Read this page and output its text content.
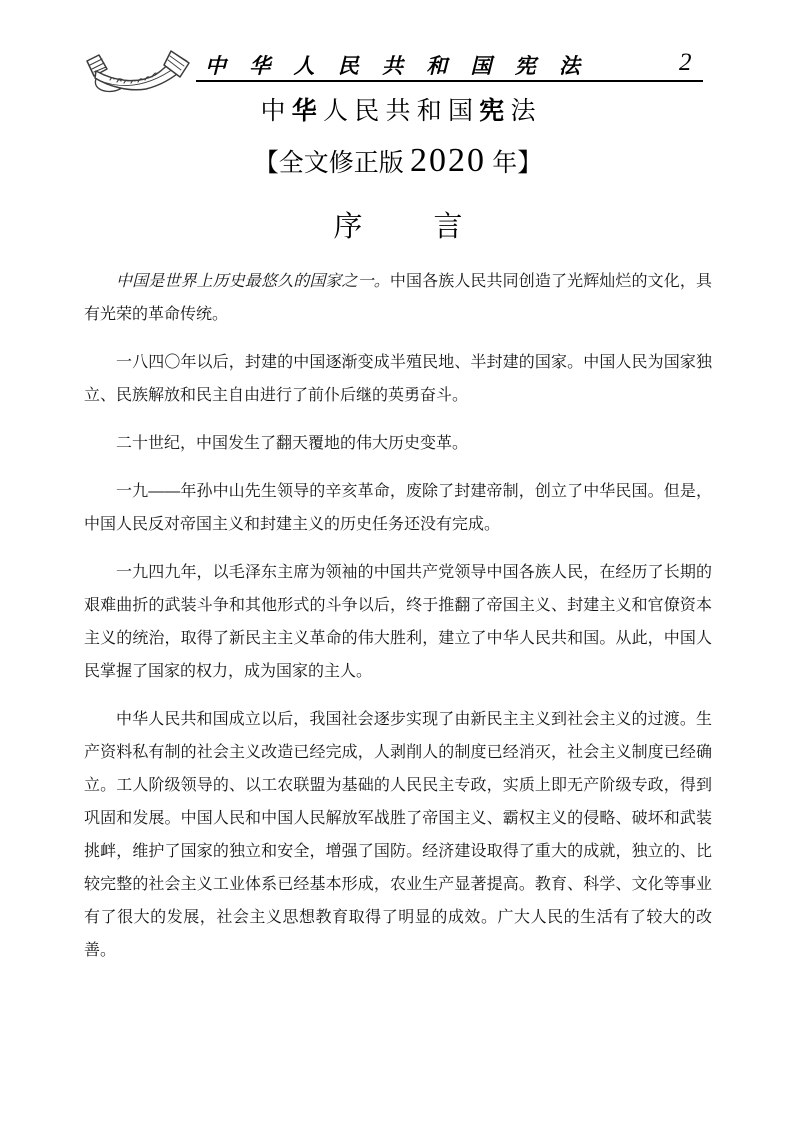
中 华 人 民 共 和 国 宪 法	2
中 华 人 民 共 和 国 宪 法
【全文修正版 2020 年】
序　言

中国是世界上历史最悠久的国家之一。中国各族人民共同创造了光辉灿烂的文化，具有光荣的革命传统。

一八四〇年以后，封建的中国逐渐变成半殖民地、半封建的国家。中国人民为国家独立、民族解放和民主自由进行了前仆后继的英勇奋斗。

二十世纪，中国发生了翻天覆地的伟大历史变革。

一九——年孙中山先生领导的辛亥革命，废除了封建帝制，创立了中华民国。但是，中国人民反对帝国主义和封建主义的历史任务还没有完成。

一九四九年，以毛泽东主席为领袖的中国共产党领导中国各族人民，在经历了长期的艰难曲折的武装斗争和其他形式的斗争以后，终于推翻了帝国主义、封建主义和官僚资本主义的统治，取得了新民主主义革命的伟大胜利，建立了中华人民共和国。从此，中国人民掌握了国家的权力，成为国家的主人。

中华人民共和国成立以后，我国社会逐步实现了由新民主主义到社会主义的过渡。生产资料私有制的社会主义改造已经完成，人剥削人的制度已经消灭，社会主义制度已经确立。工人阶级领导的、以工农联盟为基础的人民民主专政，实质上即无产阶级专政，得到巩固和发展。中国人民和中国人民解放军战胜了帝国主义、霸权主义的侵略、破坏和武装挑衅，维护了国家的独立和安全，增强了国防。经济建设取得了重大的成就，独立的、比较完整的社会主义工业体系已经基本形成，农业生产显著提高。教育、科学、文化等事业有了很大的发展，社会主义思想教育取得了明显的成效。广大人民的生活有了较大的改善。
